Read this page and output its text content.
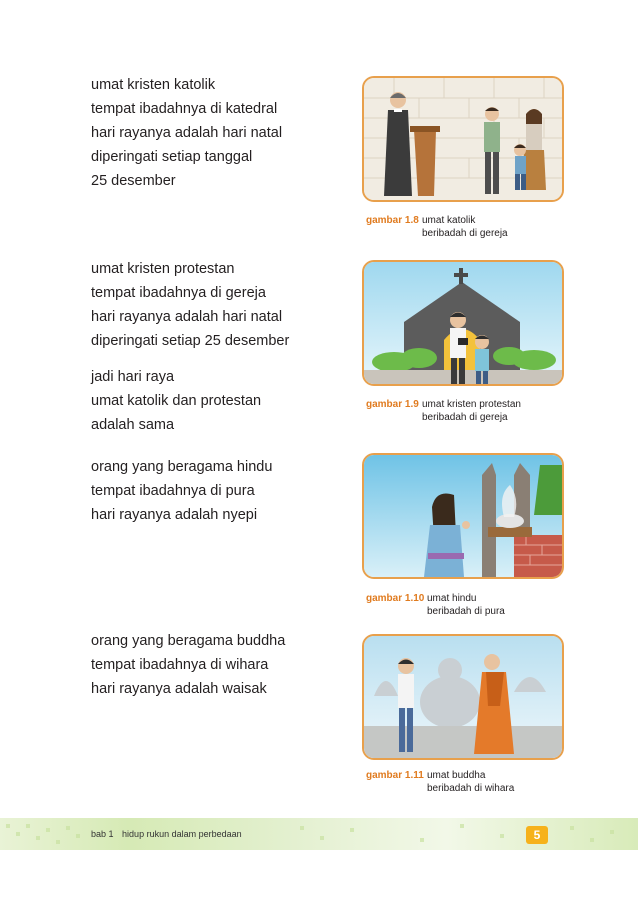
umat kristen katolik
tempat ibadahnya di katedral
hari rayanya adalah hari natal
diperingati setiap tanggal
25 desember
umat kristen protestan
tempat ibadahnya di gereja
hari rayanya adalah hari natal
diperingati setiap 25 desember
jadi hari raya
umat katolik dan protestan
adalah sama
orang yang beragama hindu
tempat ibadahnya di pura
hari rayanya adalah nyepi
orang yang beragama buddha
tempat ibadahnya di wihara
hari rayanya adalah waisak
gambar 1.8 umat katolik
beribadah di gereja
gambar 1.9 umat kristen protestan
beribadah di gereja
gambar 1.10 umat hindu
beribadah di pura
gambar 1.11 umat buddha
beribadah di wihara
bab 1 hidup rukun dalam perbedaan	5
